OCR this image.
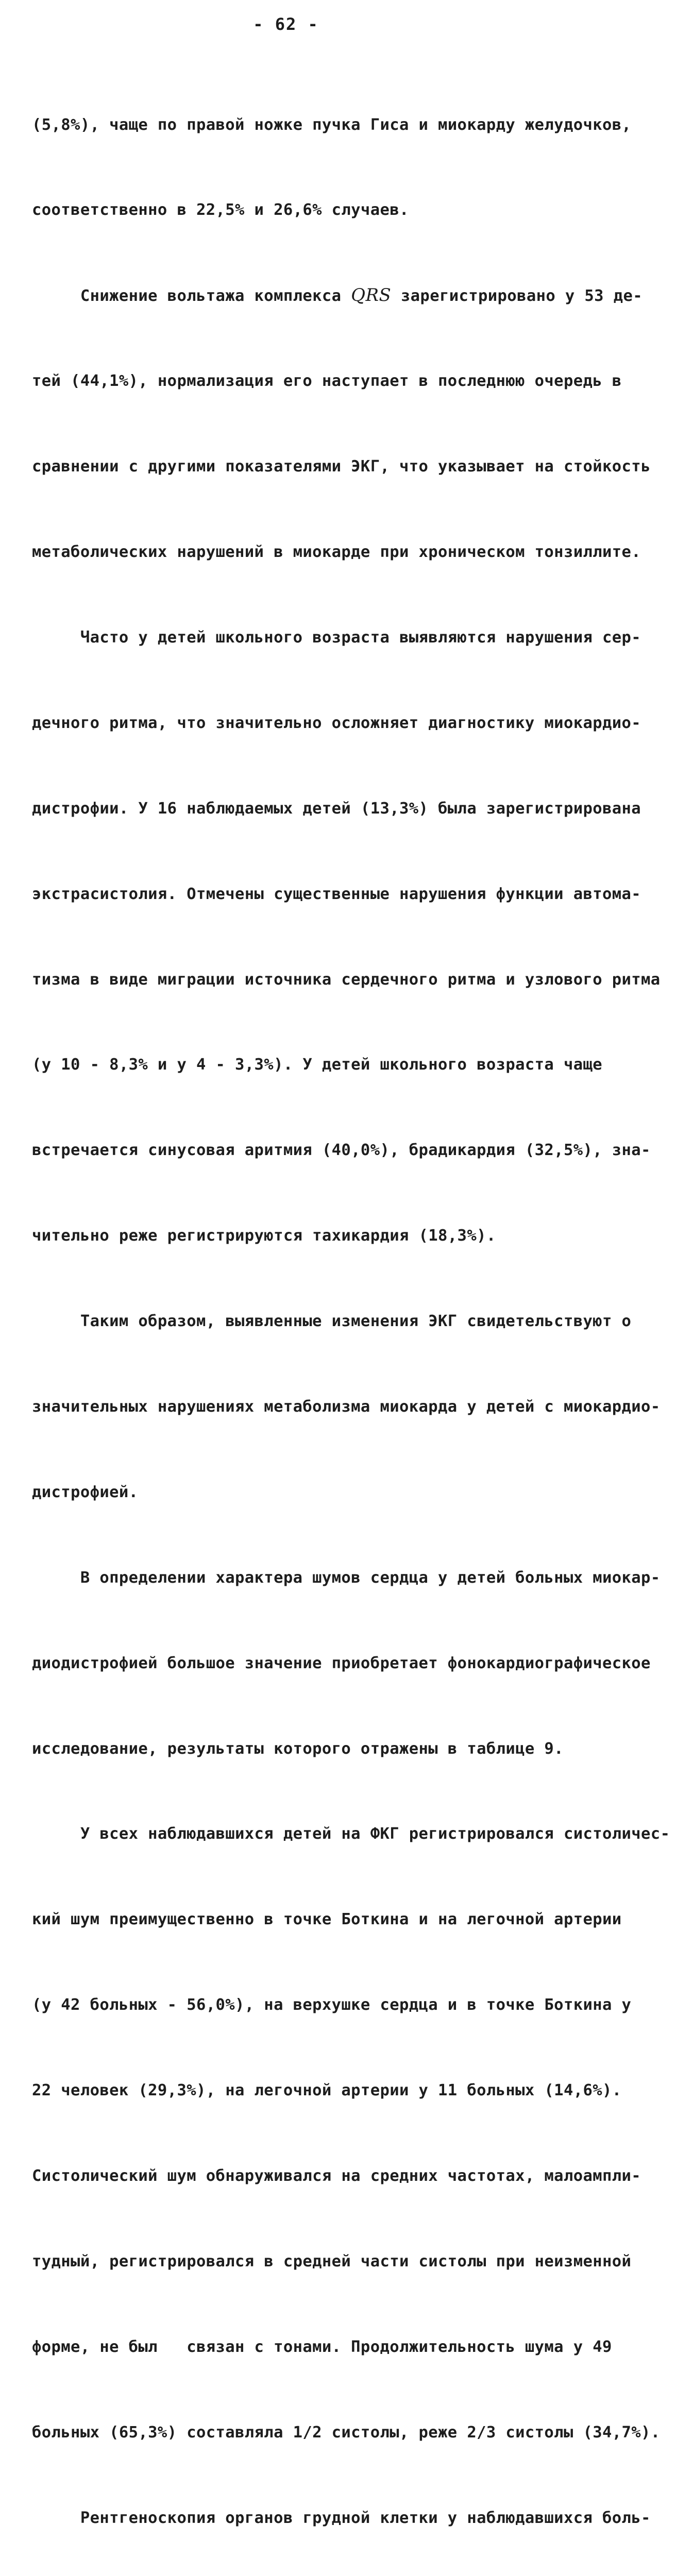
- 62 -

(5,8%), чаще по правой ножке пучка Гиса и миокарду желудочков,

соответственно в 22,5% и 26,6% случаев.

Снижение вольтажа комплекса QRS зарегистрировано у 53 де-

тей (44,1%), нормализация его наступает в последнюю очередь в

сравнении с другими показателями ЭКГ, что указывает на стойкость

метаболических нарушений в миокарде при хроническом тонзиллите.

Часто у детей школьного возраста выявляются нарушения сер-

дечного ритма, что значительно осложняет диагностику миокардио-

дистрофии. У 16 наблюдаемых детей (13,3%) была зарегистрирована

экстрасистолия. Отмечены существенные нарушения функции автома-

тизма в виде миграции источника сердечного ритма и узлового ритма

(у 10 - 8,3% и у 4 - 3,3%). У детей школьного возраста чаще

встречается синусовая аритмия (40,0%), брадикардия (32,5%), зна-

чительно реже регистрируются тахикардия (18,3%).

Таким образом, выявленные изменения ЭКГ свидетельствуют о

значительных нарушениях метаболизма миокарда у детей с миокардио-

дистрофией.

В определении характера шумов сердца у детей больных миокар-

диодистрофией большое значение приобретает фонокардиографическое

исследование, результаты которого отражены в таблице 9.

У всех наблюдавшихся детей на ФКГ регистрировался систоличес-

кий шум преимущественно в точке Боткина и на легочной артерии

(у 42 больных - 56,0%), на верхушке сердца и в точке Боткина у

22 человек (29,3%), на легочной артерии у 11 больных (14,6%).

Систолический шум обнаруживался на средних частотах, малоампли-

тудный, регистрировался в средней части систолы при неизменной

форме, не был   связан с тонами. Продолжительность шума у 49

больных (65,3%) составляла 1/2 систолы, реже 2/3 систолы (34,7%).

Рентгеноскопия органов грудной клетки у наблюдавшихся боль-
